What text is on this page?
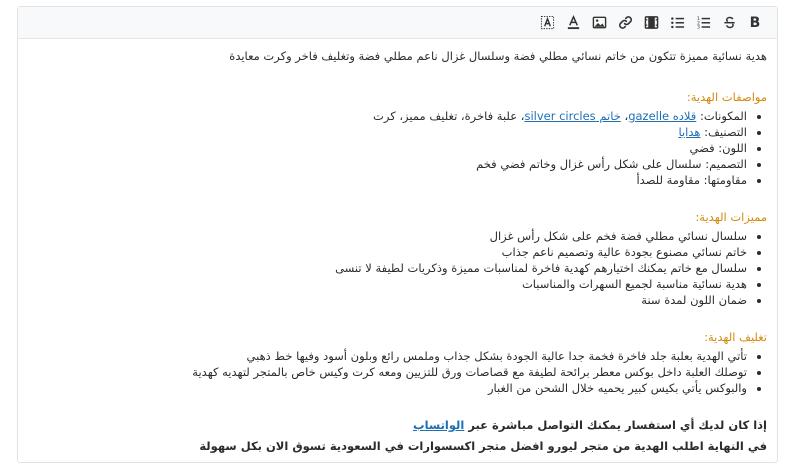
B
1
2
3

هدية نسائية مميزة تتكون من خاتم نسائي مطلي فضة وسلسال غزال ناعم مطلي فضة وتغليف فاخر وكرت معايدة

مواصفات الهدية:
• المكونات: قلاده gazelle، خاتم silver circles، علبة فاخرة، تغليف مميز، كرت
• التصنيف: هدايا
• اللون: فضي
• التصميم: سلسال على شكل رأس غزال وخاتم فضي فخم
• مقاومتها: مقاومة للصدأ
مميزات الهدية:
• سلسال نسائي مطلي فضة فخم على شكل رأس غزال
• خاتم نسائي مصنوع بجودة عالية وتصميم ناعم جذاب
• سلسال مع خاتم يمكنك اختيارهم كهدية فاخرة لمناسبات مميزة وذكريات لطيفة لا تنسى
• هدية نسائية مناسبة لجميع السهرات والمناسبات
• ضمان اللون لمدة سنة
تغليف الهدية:
• تأتي الهدية بعلبة جلد فاخرة فخمة جدا عالية الجودة بشكل جذاب وملمس رائع وبلون أسود وفيها خط ذهبي
• توصلك العلبة داخل بوكس معطر برائحة لطيفة مع قصاصات ورق للتزيين ومعه كرت وكيس خاص بالمتجر لتهديه كهدية
• والبوكس يأتي بكيس كبير يحميه خلال الشحن من الغبار

إذا كان لديك أي استفسار يمكنك التواصل مباشرة عبر الواتساب

في النهاية اطلب الهدية من متجر ليورو افضل متجر اكسسوارات في السعودية تسوق الان بكل سهولة
